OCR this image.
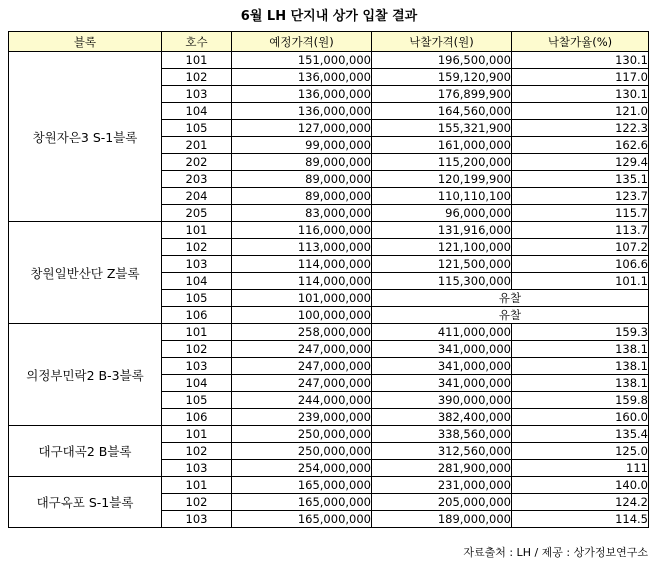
6월 LH 단지내 상가 입찰 결과
블록	호수	예정가격(원)	낙찰가격(원)	낙찰가율(%)
창원자은3 S-1블록	101	151,000,000	196,500,000	130.1
	102	136,000,000	159,120,900	117.0
	103	136,000,000	176,899,900	130.1
	104	136,000,000	164,560,000	121.0
	105	127,000,000	155,321,900	122.3
	201	99,000,000	161,000,000	162.6
	202	89,000,000	115,200,000	129.4
	203	89,000,000	120,199,900	135.1
	204	89,000,000	110,110,100	123.7
	205	83,000,000	96,000,000	115.7
창원일반산단 Z블록	101	116,000,000	131,916,000	113.7
	102	113,000,000	121,100,000	107.2
	103	114,000,000	121,500,000	106.6
	104	114,000,000	115,300,000	101.1
	105	101,000,000	유찰	
	106	100,000,000	유찰	
의정부민락2 B-3블록	101	258,000,000	411,000,000	159.3
	102	247,000,000	341,000,000	138.1
	103	247,000,000	341,000,000	138.1
	104	247,000,000	341,000,000	138.1
	105	244,000,000	390,000,000	159.8
	106	239,000,000	382,400,000	160.0
대구대곡2 B블록	101	250,000,000	338,560,000	135.4
	102	250,000,000	312,560,000	125.0
	103	254,000,000	281,900,000	111
대구옥포 S-1블록	101	165,000,000	231,000,000	140.0
	102	165,000,000	205,000,000	124.2
	103	165,000,000	189,000,000	114.5
자료출처 : LH / 제공 : 상가정보연구소
